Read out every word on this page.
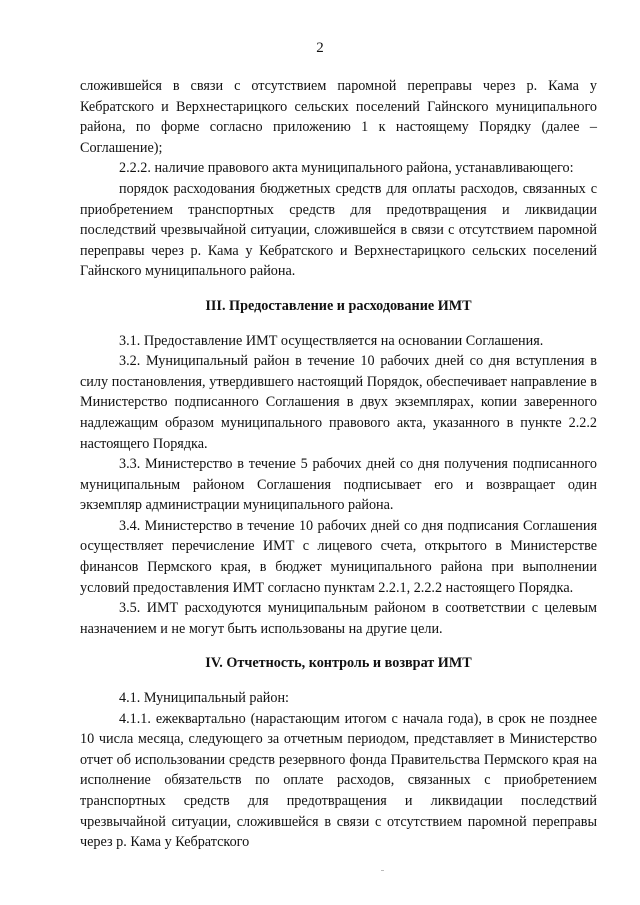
2

сложившейся в связи с отсутствием паромной переправы через р. Кама у Кебратского и Верхнестарицкого сельских поселений Гайнского муниципального района, по форме согласно приложению 1 к настоящему Порядку (далее – Соглашение);

2.2.2. наличие правового акта муниципального района, устанавливающего:

порядок расходования бюджетных средств для оплаты расходов, связанных с приобретением транспортных средств для предотвращения и ликвидации последствий чрезвычайной ситуации, сложившейся в связи с отсутствием паромной переправы через р. Кама у Кебратского и Верхнестарицкого сельских поселений Гайнского муниципального района.

III. Предоставление и расходование ИМТ

3.1. Предоставление ИМТ осуществляется на основании Соглашения.

3.2. Муниципальный район в течение 10 рабочих дней со дня вступления в силу постановления, утвердившего настоящий Порядок, обеспечивает направление в Министерство подписанного Соглашения в двух экземплярах, копии заверенного надлежащим образом муниципального правового акта, указанного в пункте 2.2.2 настоящего Порядка.

3.3. Министерство в течение 5 рабочих дней со дня получения подписанного муниципальным районом Соглашения подписывает его и возвращает один экземпляр администрации муниципального района.

3.4. Министерство в течение 10 рабочих дней со дня подписания Соглашения осуществляет перечисление ИМТ с лицевого счета, открытого в Министерстве финансов Пермского края, в бюджет муниципального района при выполнении условий предоставления ИМТ согласно пунктам 2.2.1, 2.2.2 настоящего Порядка.

3.5. ИМТ расходуются муниципальным районом в соответствии с целевым назначением и не могут быть использованы на другие цели.

IV. Отчетность, контроль и возврат ИМТ

4.1. Муниципальный район:

4.1.1. ежеквартально (нарастающим итогом с начала года), в срок не позднее 10 числа месяца, следующего за отчетным периодом, представляет в Министерство отчет об использовании средств резервного фонда Правительства Пермского края на исполнение обязательств по оплате расходов, связанных с приобретением транспортных средств для предотвращения и ликвидации последствий чрезвычайной ситуации, сложившейся в связи с отсутствием паромной переправы через р. Кама у Кебратского
